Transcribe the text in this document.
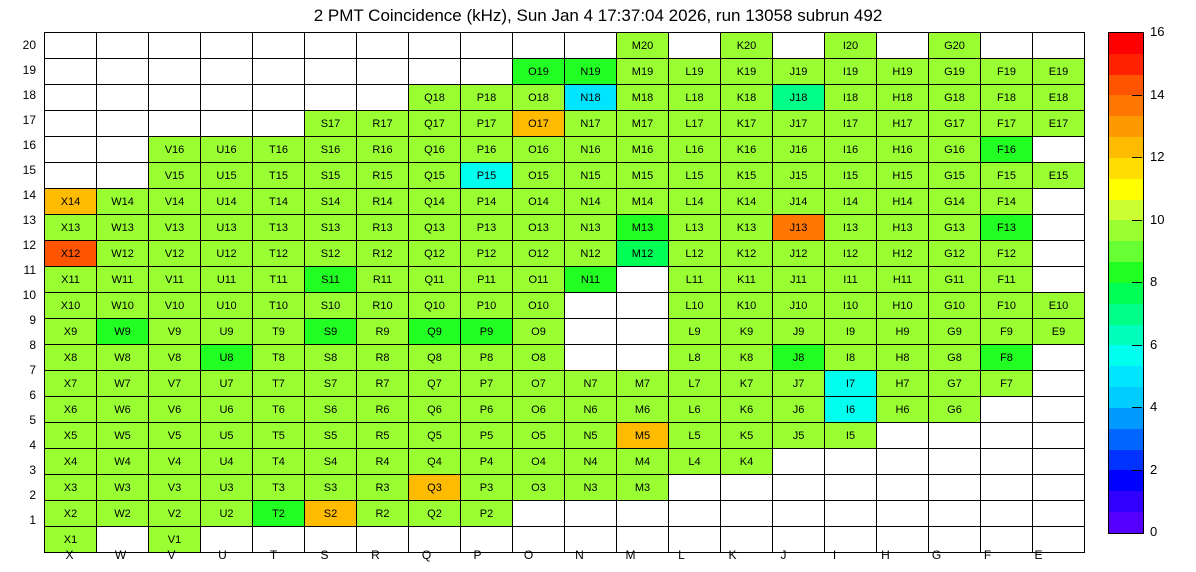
2 PMT Coincidence (kHz), Sun Jan 4 17:37:04 2026, run 13058 subrun 492
											M20		K20		I20		G20		
									O19	N19	M19	L19	K19	J19	I19	H19	G19	F19	E19
							Q18	P18	O18	N18	M18	L18	K18	J18	I18	H18	G18	F18	E18
					S17	R17	Q17	P17	O17	N17	M17	L17	K17	J17	I17	H17	G17	F17	E17
		V16	U16	T16	S16	R16	Q16	P16	O16	N16	M16	L16	K16	J16	I16	H16	G16	F16	
		V15	U15	T15	S15	R15	Q15	P15	O15	N15	M15	L15	K15	J15	I15	H15	G15	F15	E15
X14	W14	V14	U14	T14	S14	R14	Q14	P14	O14	N14	M14	L14	K14	J14	I14	H14	G14	F14	
X13	W13	V13	U13	T13	S13	R13	Q13	P13	O13	N13	M13	L13	K13	J13	I13	H13	G13	F13	
X12	W12	V12	U12	T12	S12	R12	Q12	P12	O12	N12	M12	L12	K12	J12	I12	H12	G12	F12	
X11	W11	V11	U11	T11	S11	R11	Q11	P11	O11	N11		L11	K11	J11	I11	H11	G11	F11	
X10	W10	V10	U10	T10	S10	R10	Q10	P10	O10			L10	K10	J10	I10	H10	G10	F10	E10
X9	W9	V9	U9	T9	S9	R9	Q9	P9	O9			L9	K9	J9	I9	H9	G9	F9	E9
X8	W8	V8	U8	T8	S8	R8	Q8	P8	O8			L8	K8	J8	I8	H8	G8	F8	
X7	W7	V7	U7	T7	S7	R7	Q7	P7	O7	N7	M7	L7	K7	J7	I7	H7	G7	F7	
X6	W6	V6	U6	T6	S6	R6	Q6	P6	O6	N6	M6	L6	K6	J6	I6	H6	G6		
X5	W5	V5	U5	T5	S5	R5	Q5	P5	O5	N5	M5	L5	K5	J5	I5				
X4	W4	V4	U4	T4	S4	R4	Q4	P4	O4	N4	M4	L4	K4						
X3	W3	V3	U3	T3	S3	R3	Q3	P3	O3	N3	M3								
X2	W2	V2	U2	T2	S2	R2	Q2	P2											
X1		V1																	
20
19
18
17
16
15
14
13
12
11
10
9
8
7
6
5
4
3
2
1
X	W	V	U	T	S	R	Q	P	O	N	M	L	K	J	I	H	G	F	E
0
2
4
6
8
10
12
14
16
